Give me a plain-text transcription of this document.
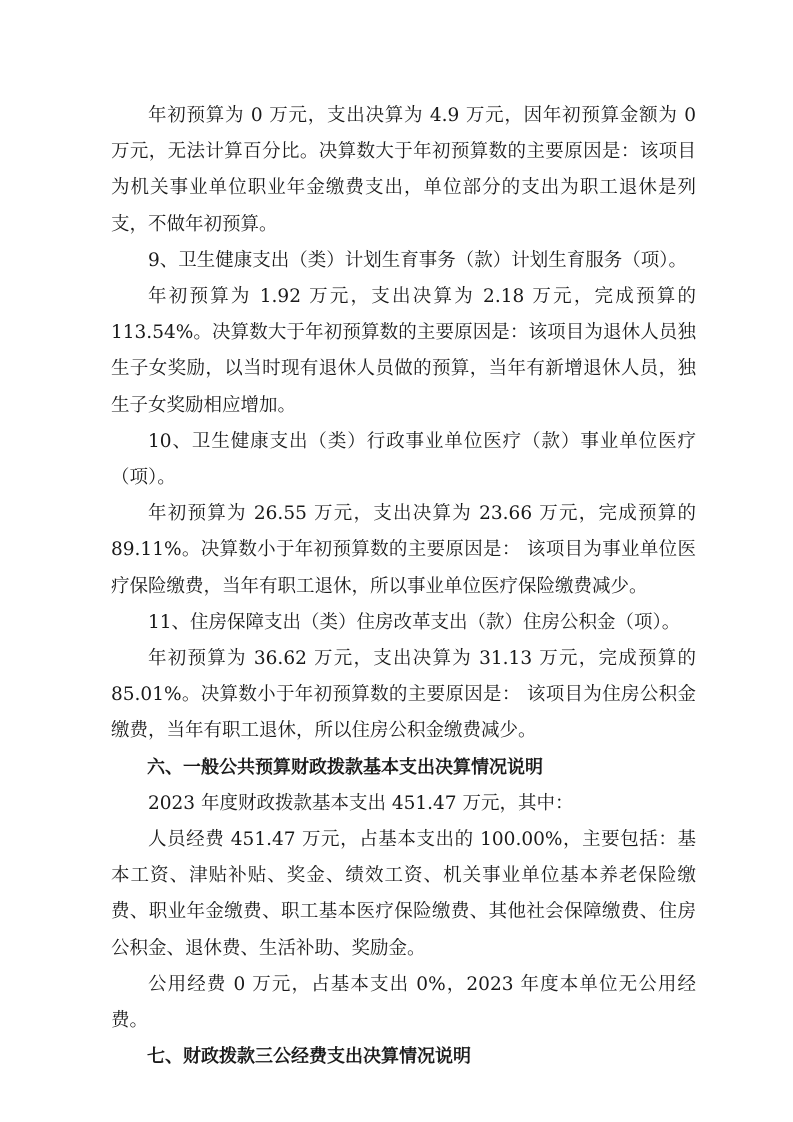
年初预算为 0 万元，支出决算为 4.9 万元，因年初预算金额为 0 万元，无法计算百分比。决算数大于年初预算数的主要原因是：该项目为机关事业单位职业年金缴费支出，单位部分的支出为职工退休是列支，不做年初预算。

9、卫生健康支出（类）计划生育事务（款）计划生育服务（项）。

年初预算为 1.92 万元，支出决算为 2.18 万元，完成预算的 113.54%。决算数大于年初预算数的主要原因是：该项目为退休人员独生子女奖励，以当时现有退休人员做的预算，当年有新增退休人员，独生子女奖励相应增加。

10、卫生健康支出（类）行政事业单位医疗（款）事业单位医疗（项）。

年初预算为 26.55 万元，支出决算为 23.66 万元，完成预算的 89.11%。决算数小于年初预算数的主要原因是： 该项目为事业单位医疗保险缴费，当年有职工退休，所以事业单位医疗保险缴费减少。

11、住房保障支出（类）住房改革支出（款）住房公积金（项）。

年初预算为 36.62 万元，支出决算为 31.13 万元，完成预算的 85.01%。决算数小于年初预算数的主要原因是： 该项目为住房公积金缴费，当年有职工退休，所以住房公积金缴费减少。

六、一般公共预算财政拨款基本支出决算情况说明

2023 年度财政拨款基本支出 451.47 万元，其中：

人员经费 451.47 万元，占基本支出的 100.00%，主要包括：基本工资、津贴补贴、奖金、绩效工资、机关事业单位基本养老保险缴费、职业年金缴费、职工基本医疗保险缴费、其他社会保障缴费、住房公积金、退休费、生活补助、奖励金。

公用经费 0 万元，占基本支出 0%，2023 年度本单位无公用经费。

七、财政拨款三公经费支出决算情况说明
